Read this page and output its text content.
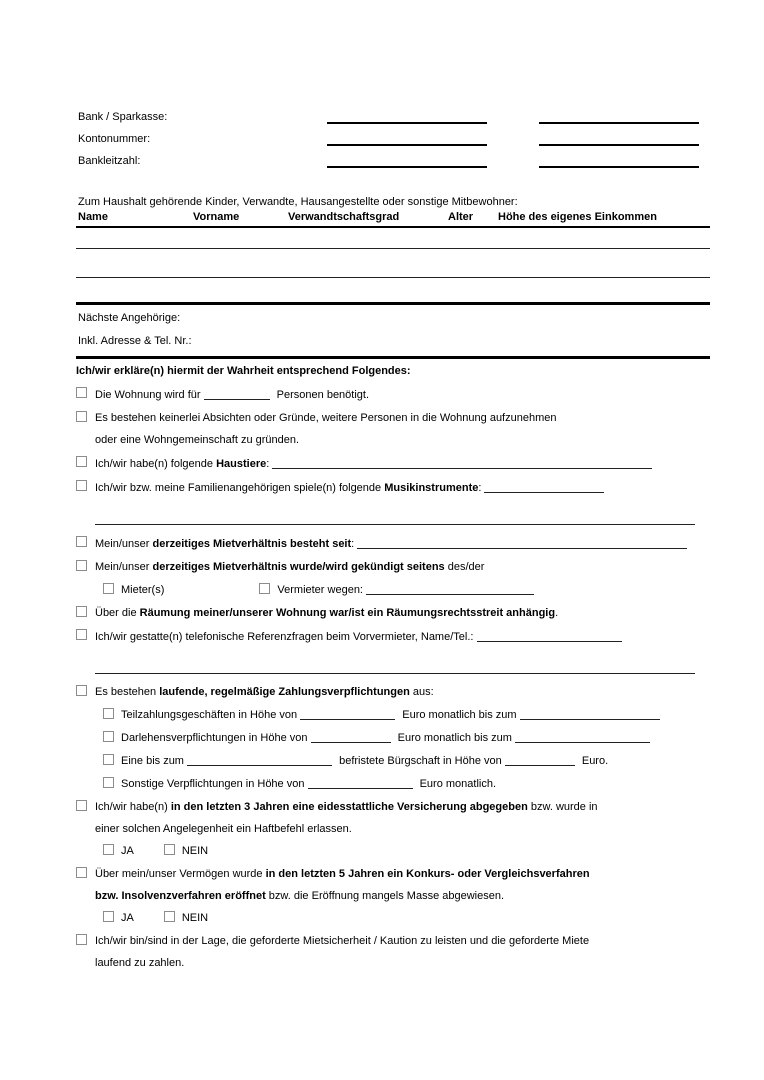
Bank / Sparkasse:
Kontonummer:
Bankleitzahl:

Zum Haushalt gehörende Kinder, Verwandte, Hausangestellte oder sonstige Mitbewohner:

Name	Vorname	Verwandtschaftsgrad	Alter	Höhe des eigenes Einkommen

Nächste Angehörige:

Inkl. Adresse & Tel. Nr.:

Ich/wir erkläre(n) hiermit der Wahrheit entsprechend Folgendes:

Die Wohnung wird für	Personen benötigt.
Es bestehen keinerlei Absichten oder Gründe, weitere Personen in die Wohnung aufzunehmen
oder eine Wohngemeinschaft zu gründen.
Ich/wir habe(n) folgende Haustiere:
Ich/wir bzw. meine Familienangehörigen spiele(n) folgende Musikinstrumente:
Mein/unser derzeitiges Mietverhältnis besteht seit:
Mein/unser derzeitiges Mietverhältnis wurde/wird gekündigt seitens des/der
Mieter(s)	Vermieter wegen:
Über die Räumung meiner/unserer Wohnung war/ist ein Räumungsrechtsstreit anhängig.
Ich/wir gestatte(n) telefonische Referenzfragen beim Vorvermieter, Name/Tel.:
Es bestehen laufende, regelmäßige Zahlungsverpflichtungen aus:
Teilzahlungsgeschäften in Höhe von	Euro monatlich bis zum
Darlehensverpflichtungen in Höhe von	Euro monatlich bis zum
Eine bis zum	befristete Bürgschaft in Höhe von	Euro.
Sonstige Verpflichtungen in Höhe von	Euro monatlich.
Ich/wir habe(n) in den letzten 3 Jahren eine eidesstattliche Versicherung abgegeben bzw. wurde in
einer solchen Angelegenheit ein Haftbefehl erlassen.
JA	NEIN
Über mein/unser Vermögen wurde in den letzten 5 Jahren ein Konkurs- oder Vergleichsverfahren
bzw. Insolvenzverfahren eröffnet bzw. die Eröffnung mangels Masse abgewiesen.
JA	NEIN
Ich/wir bin/sind in der Lage, die geforderte Mietsicherheit / Kaution zu leisten und die geforderte Miete
laufend zu zahlen.
